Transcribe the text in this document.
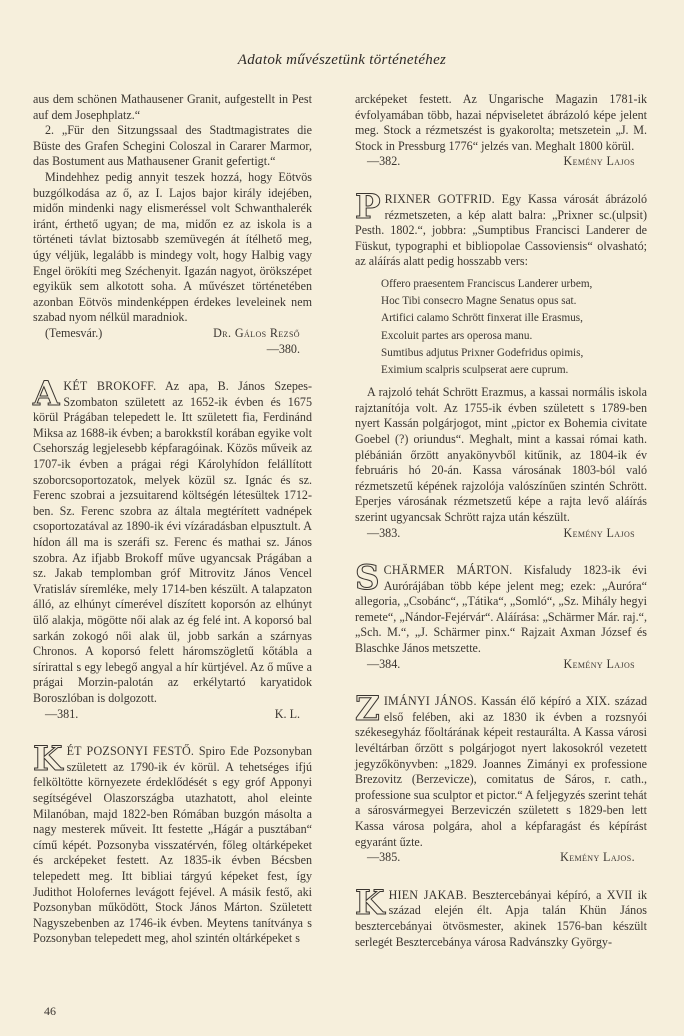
Adatok művészetünk történetéhez

aus dem schönen Mathausener Granit, aufgestellt in Pest auf dem Josephplatz.“

2. „Für den Sitzungssaal des Stadtmagistrates die Büste des Grafen Schegini Coloszal in Cararer Marmor, das Bostument aus Mathausener Granit gefertigt.“

Mindehhez pedig annyit teszek hozzá, hogy Eötvös buzgólkodása az ő, az I. Lajos bajor király idejében, midőn mindenki nagy elismeréssel volt Schwanthalerék iránt, érthető ugyan; de ma, midőn ez az iskola is a történeti távlat biztosabb szemüvegén át ítélhető meg, úgy véljük, legalább is mindegy volt, hogy Halbig vagy Engel örökíti meg Széchenyit. Igazán nagyot, örökszépet egyikük sem alkotott soha. A művészet történetében azonban Eötvös mindenképpen érdekes leveleinek nem szabad nyom nélkül maradniok.

(Temesvár.)	Dr. Gálos Rezső
—380.

A KÉT BROKOFF. Az apa, B. János Szepes-Szombaton született az 1652-ik évben és 1675 körül Prágában telepedett le. Itt született fia, Ferdinánd Miksa az 1688-ik évben; a barokkstíl korában egyike volt Csehország legjelesebb képfaragóinak. Közös műveik az 1707-ik évben a prágai régi Károlyhídon felállított szoborcsoportozatok, melyek közül sz. Ignác és sz. Ferenc szobrai a jezsuitarend költségén létesültek 1712-ben. Sz. Ferenc szobra az általa megtérített vadnépek csoportozatával az 1890-ik évi vízáradásban elpusztult. A hídon áll ma is szeráfi sz. Ferenc és mathai sz. János szobra. Az ifjabb Brokoff műve ugyancsak Prágában a sz. Jakab templomban gróf Mitrovitz János Vencel Vratisláv síremléke, mely 1714-ben készült. A talapzaton álló, az elhúnyt címerével díszített koporsón az elhúnyt ülő alakja, mögötte női alak az ég felé int. A koporsó bal sarkán zokogó női alak ül, jobb sarkán a szárnyas Chronos. A koporsó felett háromszögletű kőtábla a sírirattal s egy lebegő angyal a hír kürtjével. Az ő műve a prágai Morzin-palotán az erkélytartó karyatidok Boroszlóban is dolgozott.

—381.	K. L.

KÉT POZSONYI FESTŐ. Spiro Ede Pozsonyban született az 1790-ik év körül. A tehetséges ifjú felköltötte környezete érdeklődését s egy gróf Apponyi segítségével Olaszországba utazhatott, ahol eleinte Milanóban, majd 1822-ben Rómában buzgón másolta a nagy mesterek műveit. Itt festette „Hágár a pusztában“ című képét. Pozsonyba visszatérvén, főleg oltárképeket és arcképeket festett. Az 1835-ik évben Bécsben telepedett meg. Itt bibliai tárgyú képeket fest, így Judithot Holofernes levágott fejével. A másik festő, aki Pozsonyban működött, Stock János Márton. Született Nagyszebenben az 1746-ik évben. Meytens tanítványa s Pozsonyban telepedett meg, ahol szintén oltárképeket s

arcképeket festett. Az Ungarische Magazin 1781-ik évfolyamában több, hazai népviseletet ábrázoló képe jelent meg. Stock a rézmetszést is gyakorolta; metszetein „J. M. Stock in Pressburg 1776“ jelzés van. Meghalt 1800 körül.

—382.	Kemény Lajos

PRIXNER GOTFRID. Egy Kassa városát ábrázoló rézmetszeten, a kép alatt balra: „Prixner sc.(ulpsit) Pesth. 1802.“, jobbra: „Sumptibus Francisci Landerer de Füskut, typographi et bibliopolae Cassoviensis“ olvasható; az aláírás alatt pedig hosszabb vers:

Offero praesentem Franciscus Landerer urbem,
Hoc Tibi consecro Magne Senatus opus sat.
Artifici calamo Schrött finxerat ille Erasmus,
Excoluit partes ars operosa manu.
Sumtibus adjutus Prixner Godefridus opimis,
Eximium scalpris sculpserat aere cuprum.

A rajzoló tehát Schrött Erazmus, a kassai normális iskola rajztanítója volt. Az 1755-ik évben született s 1789-ben nyert Kassán polgárjogot, mint „pictor ex Bohemia civitate Goebel (?) oriundus“. Meghalt, mint a kassai római kath. plébánián őrzött anyakönyvből kitűnik, az 1804-ik év februáris hó 20-án. Kassa városának 1803-ból való rézmetszetű képének rajzolója valószínűen szintén Schrött. Eperjes városának rézmetszetű képe a rajta levő aláírás szerint ugyancsak Schrött rajza után készült.

—383.	Kemény Lajos

SCHÄRMER MÁRTON. Kisfaludy 1823-ik évi Aurórájában több képe jelent meg; ezek: „Auróra“ allegoria, „Csobánc“, „Tátika“, „Somló“, „Sz. Mihály hegyi remete“, „Nándor-Fejérvár“. Aláírása: „Schärmer Már. raj.“, „Sch. M.“, „J. Schärmer pinx.“ Rajzait Axman József és Blaschke János metszette.

—384.	Kemény Lajos

ZIMÁNYI JÁNOS. Kassán élő képíró a XIX. század első felében, aki az 1830 ik évben a rozsnyói székesegyház főoltárának képeit restaurálta. A Kassa városi levéltárban őrzött s polgárjogot nyert lakosokról vezetett jegyzőkönyvben: „1829. Joannes Zimányi ex professione Brezovitz (Berzevicze), comitatus de Sáros, r. cath., professione sua sculptor et pictor.“ A feljegyzés szerint tehát a sárosvármegyei Berzeviczén született s 1829-ben lett Kassa városa polgára, ahol a képfaragást és képírást egyaránt űzte.

—385.	Kemény Lajos.

KHIEN JAKAB. Besztercebányai képíró, a XVII ik század elején élt. Apja talán Khün János besztercebányai ötvösmester, akinek 1576-ban készült serlegét Besztercebánya városa Radvánszky György-

46
